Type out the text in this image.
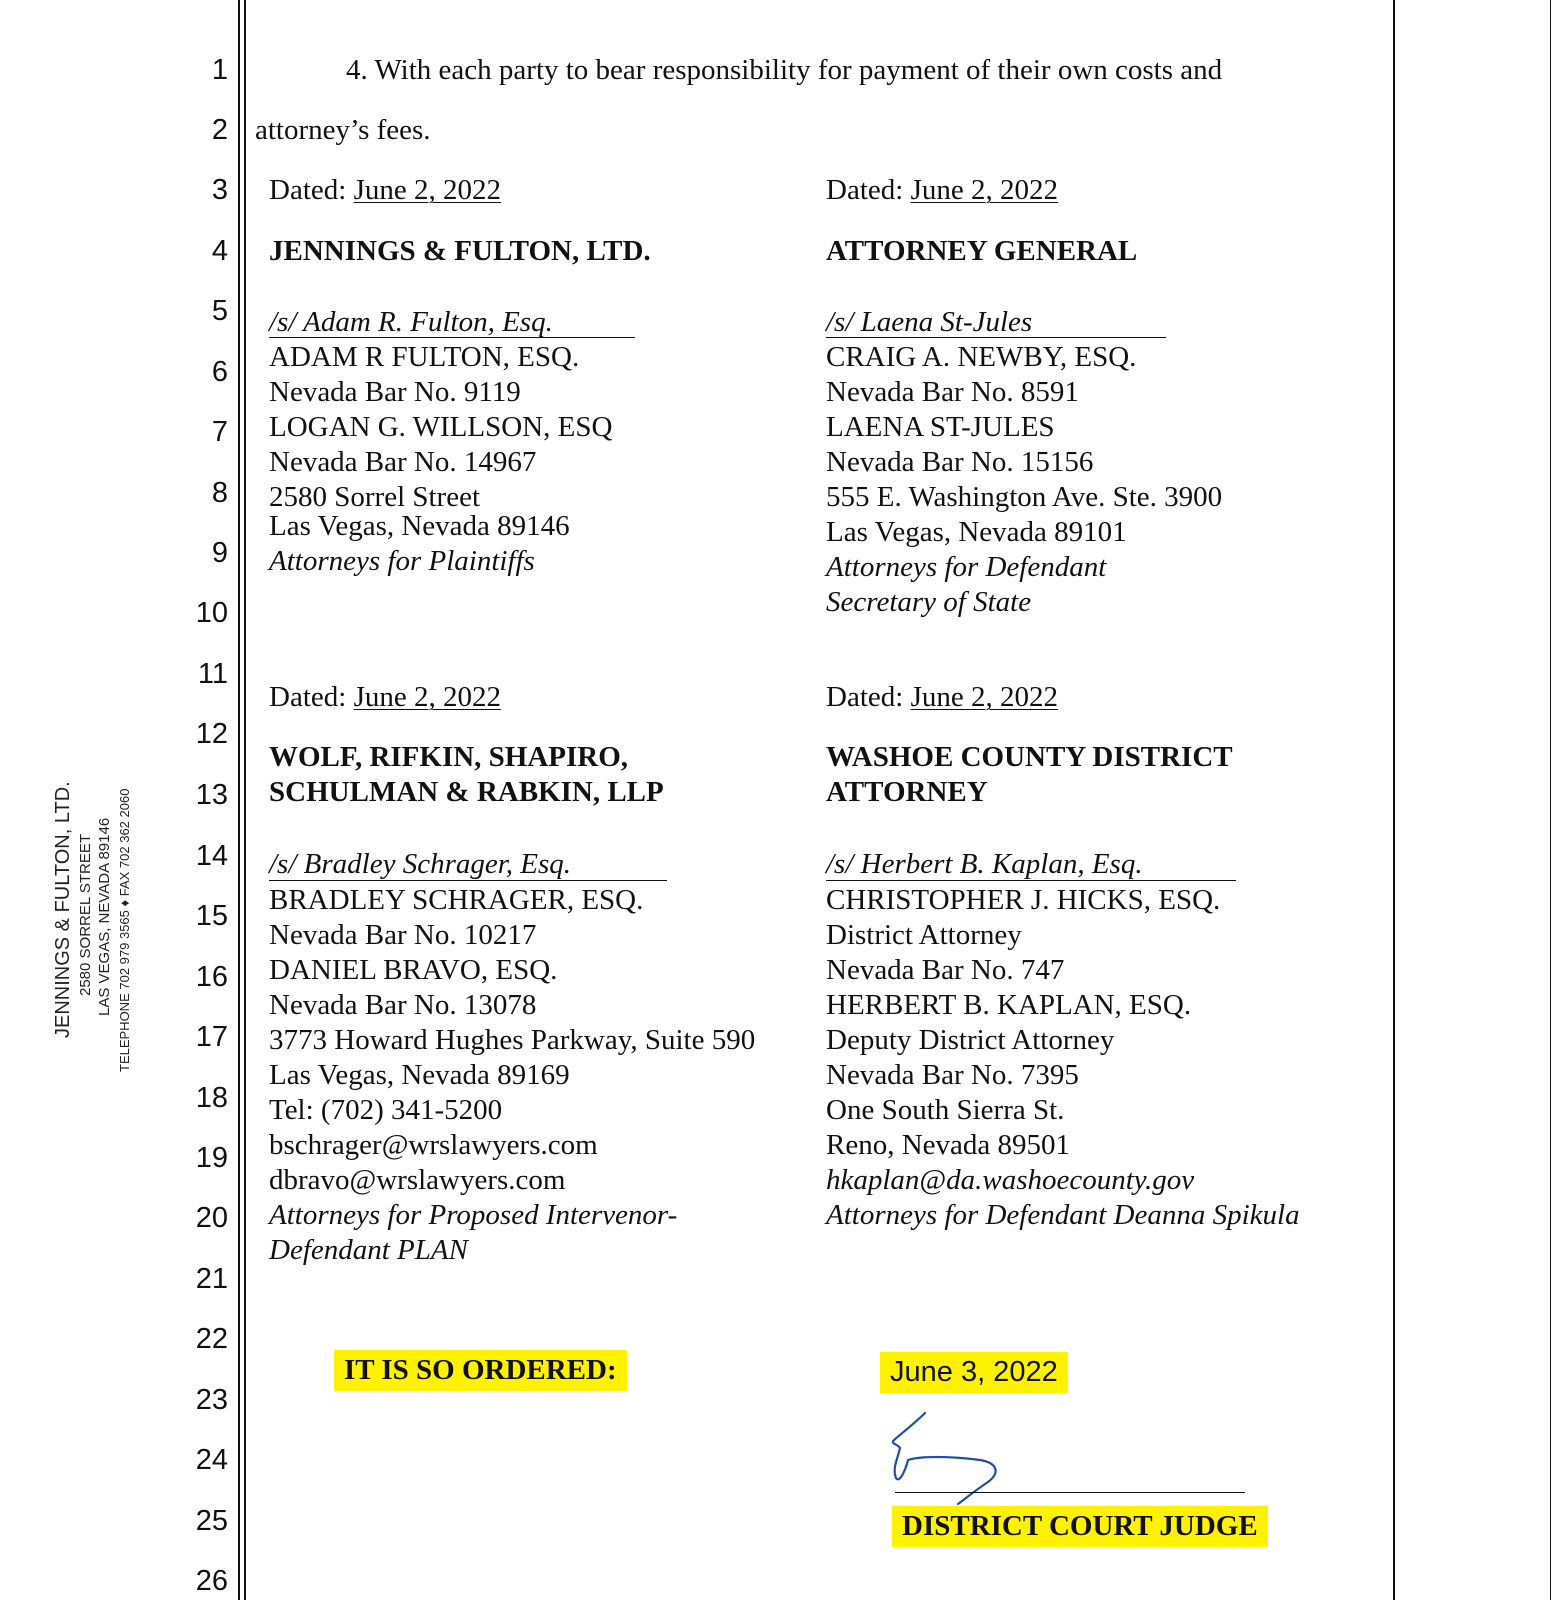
JENNINGS & FULTON, LTD. 2580 SORREL STREET LAS VEGAS, NEVADA 89146 TELEPHONE 702 979 3565 ♦ FAX 702 362 2060
1
2
3
4
5
6
7
8
9
10
11
12
13
14
15
16
17
18
19
20
21
22
23
24
25
26
4. With each party to bear responsibility for payment of their own costs and
attorney’s fees.
Dated: June 2, 2022
JENNINGS & FULTON, LTD.
/s/ Adam R. Fulton, Esq.
ADAM R FULTON, ESQ.
Nevada Bar No. 9119
LOGAN G. WILLSON, ESQ
Nevada Bar No. 14967
2580 Sorrel Street
Las Vegas, Nevada 89146
Attorneys for Plaintiffs
Dated: June 2, 2022
ATTORNEY GENERAL
/s/ Laena St-Jules
CRAIG A. NEWBY, ESQ.
Nevada Bar No. 8591
LAENA ST-JULES
Nevada Bar No. 15156
555 E. Washington Ave. Ste. 3900
Las Vegas, Nevada 89101
Attorneys for Defendant
Secretary of State
Dated: June 2, 2022
WOLF, RIFKIN, SHAPIRO,
SCHULMAN & RABKIN, LLP
/s/ Bradley Schrager, Esq.
BRADLEY SCHRAGER, ESQ.
Nevada Bar No. 10217
DANIEL BRAVO, ESQ.
Nevada Bar No. 13078
3773 Howard Hughes Parkway, Suite 590
Las Vegas, Nevada 89169
Tel: (702) 341-5200
bschrager@wrslawyers.com
dbravo@wrslawyers.com
Attorneys for Proposed Intervenor-
Defendant PLAN
Dated: June 2, 2022
WASHOE COUNTY DISTRICT
ATTORNEY
/s/ Herbert B. Kaplan, Esq.
CHRISTOPHER J. HICKS, ESQ.
District Attorney
Nevada Bar No. 747
HERBERT B. KAPLAN, ESQ.
Deputy District Attorney
Nevada Bar No. 7395
One South Sierra St.
Reno, Nevada 89501
hkaplan@da.washoecounty.gov
Attorneys for Defendant Deanna Spikula
IT IS SO ORDERED:	June 3, 2022
DISTRICT COURT JUDGE
